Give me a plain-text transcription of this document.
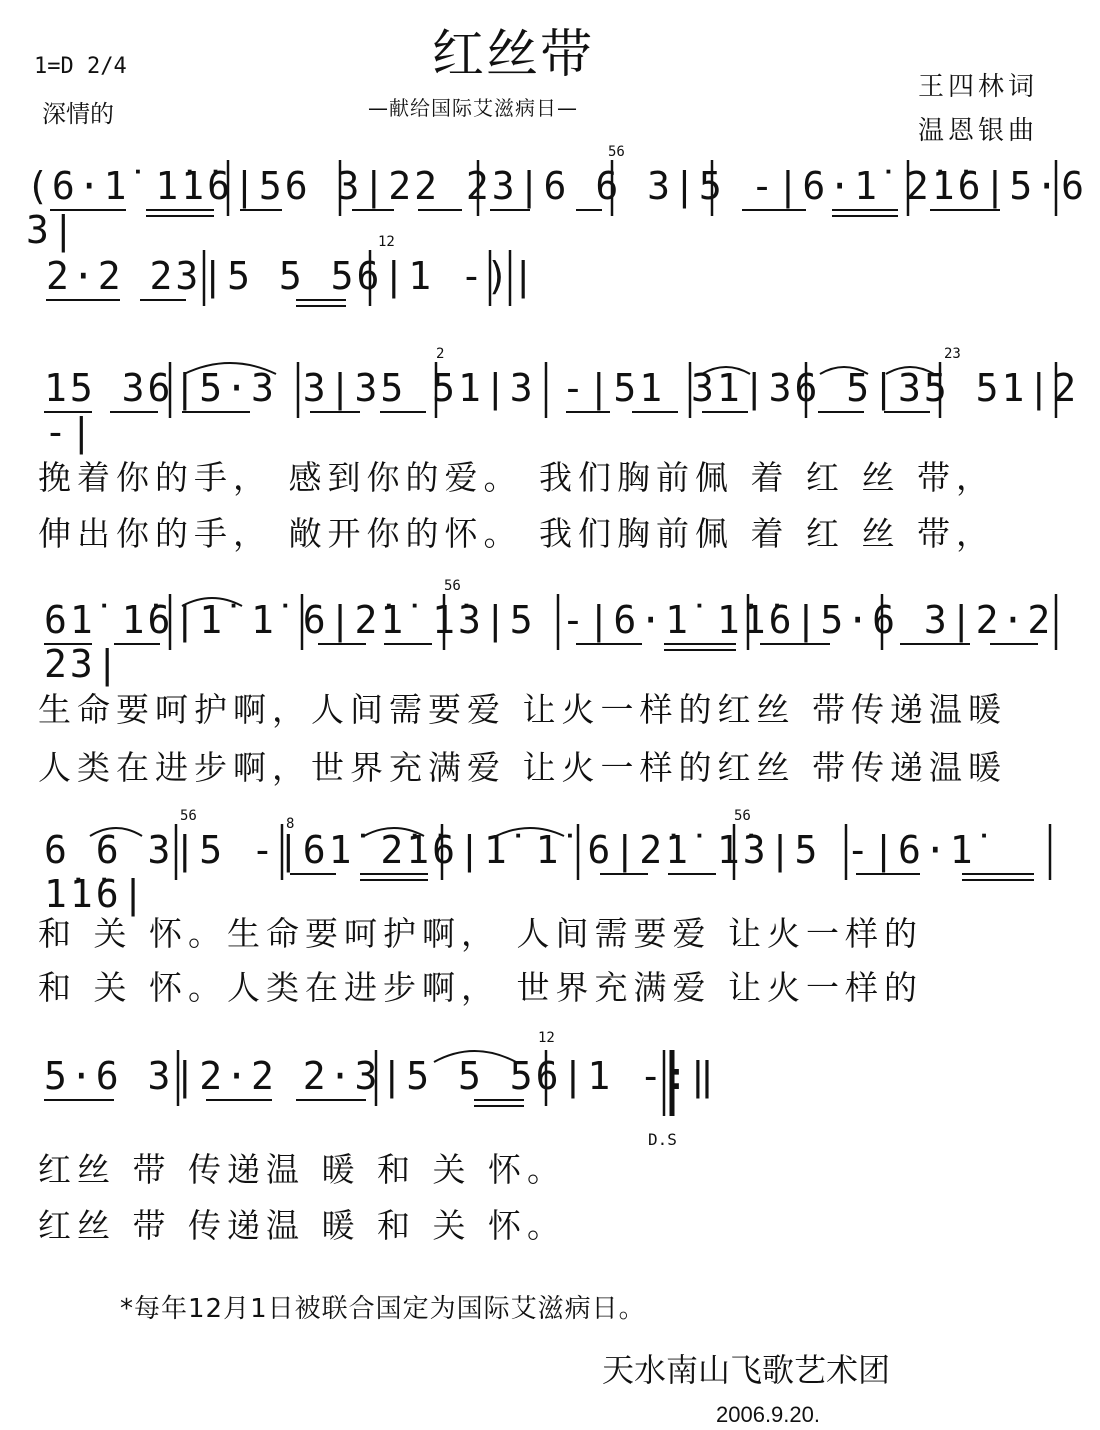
红丝带
—献给国际艾滋病日—
1=D 2/4
深情的
王四林词
温恩银曲
(6·1̇ 1̇1̇6|56 3|22 23|6 6 3|5 -|6·1̇ 2̇1̇6|5·6 3|
56
2·2 23|5 5 56|1 -)|
12
15 36|5·3 3|35 51|3 -|51 31|36 5|35 51|2 -|
2	23
挽着你的手， 感到你的爱。 我们胸前佩 着 红 丝 带，
伸出你的手， 敞开你的怀。 我们胸前佩 着 红 丝 带，
61̇ 1̇6|1̇ 1̇ 6|2̇1̇ 1̇3|5 -|6·1̇ 1̇1̇6|5·6 3|2·2 23|
56
生命要呵护啊，人间需要爱 让火一样的红丝 带传递温暖
人类在进步啊，世界充满爱 让火一样的红丝 带传递温暖
6 6 3|5 -|61̇ 2̇1̇6|1̇ 1̇ 6|2̇1̇ 1̇3|5 -|6·1̇ 1̇1̇6|
56	8	56
和 关 怀。生命要呵护啊， 人间需要爱 让火一样的
和 关 怀。人类在进步啊， 世界充满爱 让火一样的
5·6 3|2·2 2·3|5 5 56|1 -:‖
12
D.S
红丝 带 传递温 暖 和 关 怀。
红丝 带 传递温 暖 和 关 怀。
*每年12月1日被联合国定为国际艾滋病日。
天水南山飞歌艺术团
2006.9.20.
